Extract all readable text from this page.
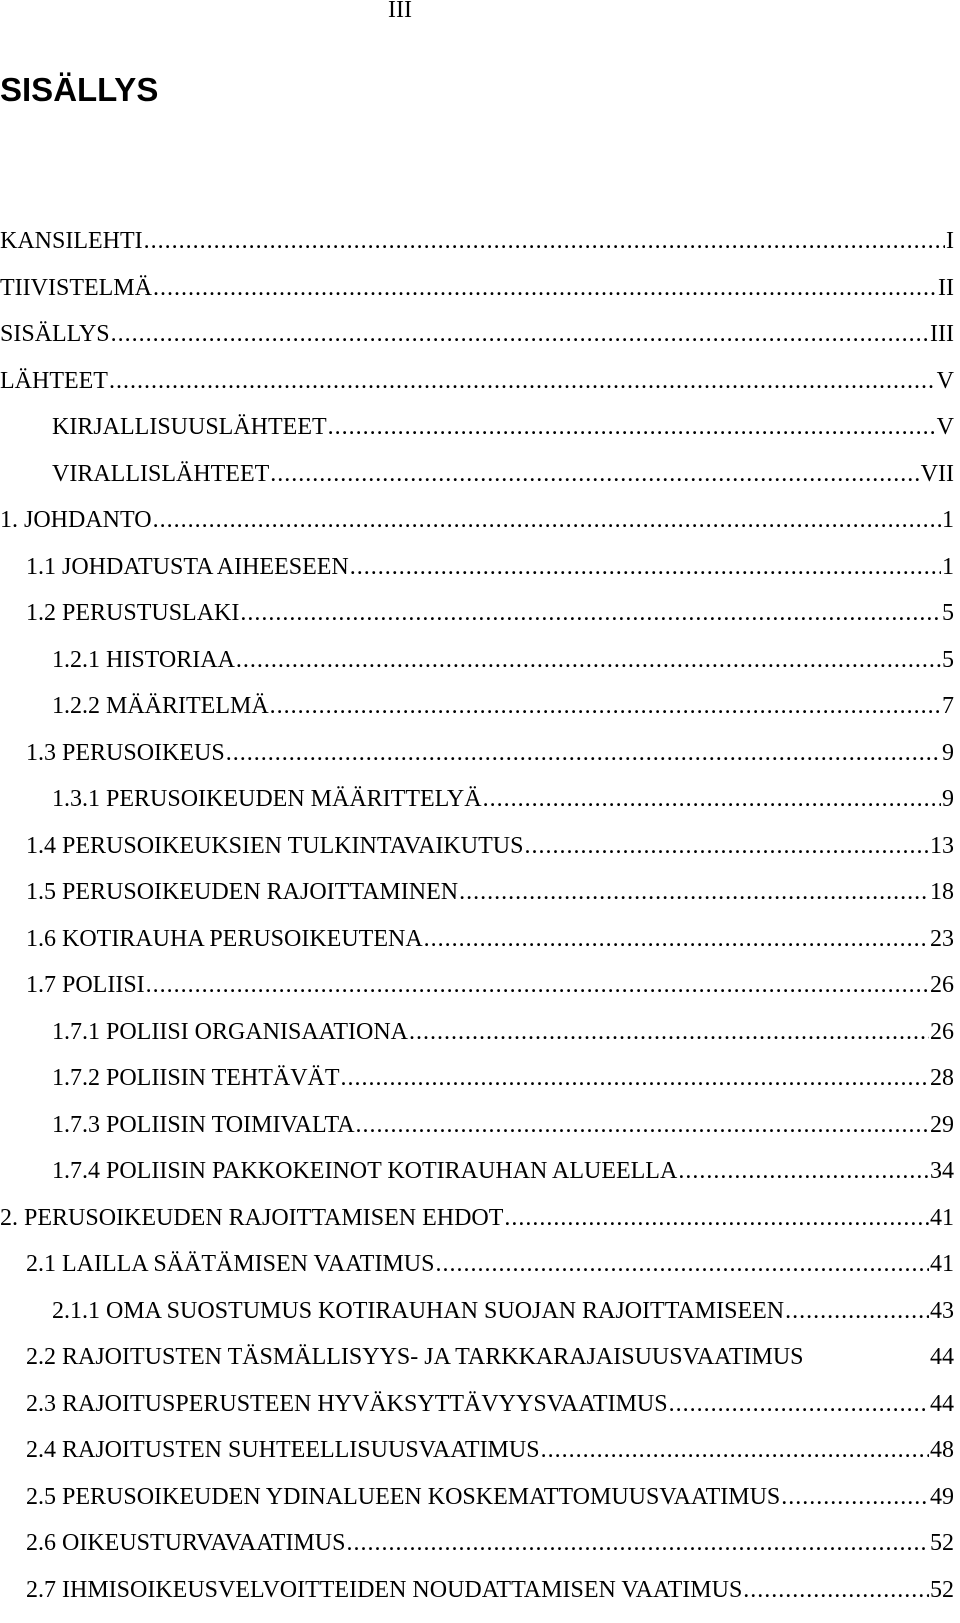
III
SISÄLLYS
KANSILEHTI .....	I
TIIVISTELMÄ .....	II
SISÄLLYS .....	III
LÄHTEET .....	V
KIRJALLISUUSLÄHTEET .....	V
VIRALLISLÄHTEET .....	VII
1. JOHDANTO .....	1
1.1 JOHDATUSTA AIHEESEEN .....	1
1.2 PERUSTUSLAKI .....	5
1.2.1 HISTORIAA .....	5
1.2.2 MÄÄRITELMÄ .....	7
1.3 PERUSOIKEUS .....	9
1.3.1 PERUSOIKEUDEN MÄÄRITTELYÄ .....	9
1.4 PERUSOIKEUKSIEN TULKINTAVAIKUTUS .....	13
1.5 PERUSOIKEUDEN RAJOITTAMINEN .....	18
1.6 KOTIRAUHA PERUSOIKEUTENA .....	23
1.7 POLIISI .....	26
1.7.1 POLIISI ORGANISAATIONA .....	26
1.7.2 POLIISIN TEHTÄVÄT .....	28
1.7.3 POLIISIN TOIMIVALTA .....	29
1.7.4 POLIISIN PAKKOKEINOT KOTIRAUHAN ALUEELLA .....	34
2. PERUSOIKEUDEN RAJOITTAMISEN EHDOT .....	41
2.1 LAILLA SÄÄTÄMISEN VAATIMUS .....	41
2.1.1 OMA SUOSTUMUS KOTIRAUHAN SUOJAN RAJOITTAMISEEN .....	43
2.2 RAJOITUSTEN TÄSMÄLLISYYS- JA TARKKARAJAISUUSVAATIMUS	44
2.3 RAJOITUSPERUSTEEN HYVÄKSYTTÄVYYSVAATIMUS .....	44
2.4 RAJOITUSTEN SUHTEELLISUUSVAATIMUS .....	48
2.5 PERUSOIKEUDEN YDINALUEEN KOSKEMATTOMUUSVAATIMUS .....	49
2.6 OIKEUSTURVAVAATIMUS .....	52
2.7 IHMISOIKEUSVELVOITTEIDEN NOUDATTAMISEN VAATIMUS .....	52
